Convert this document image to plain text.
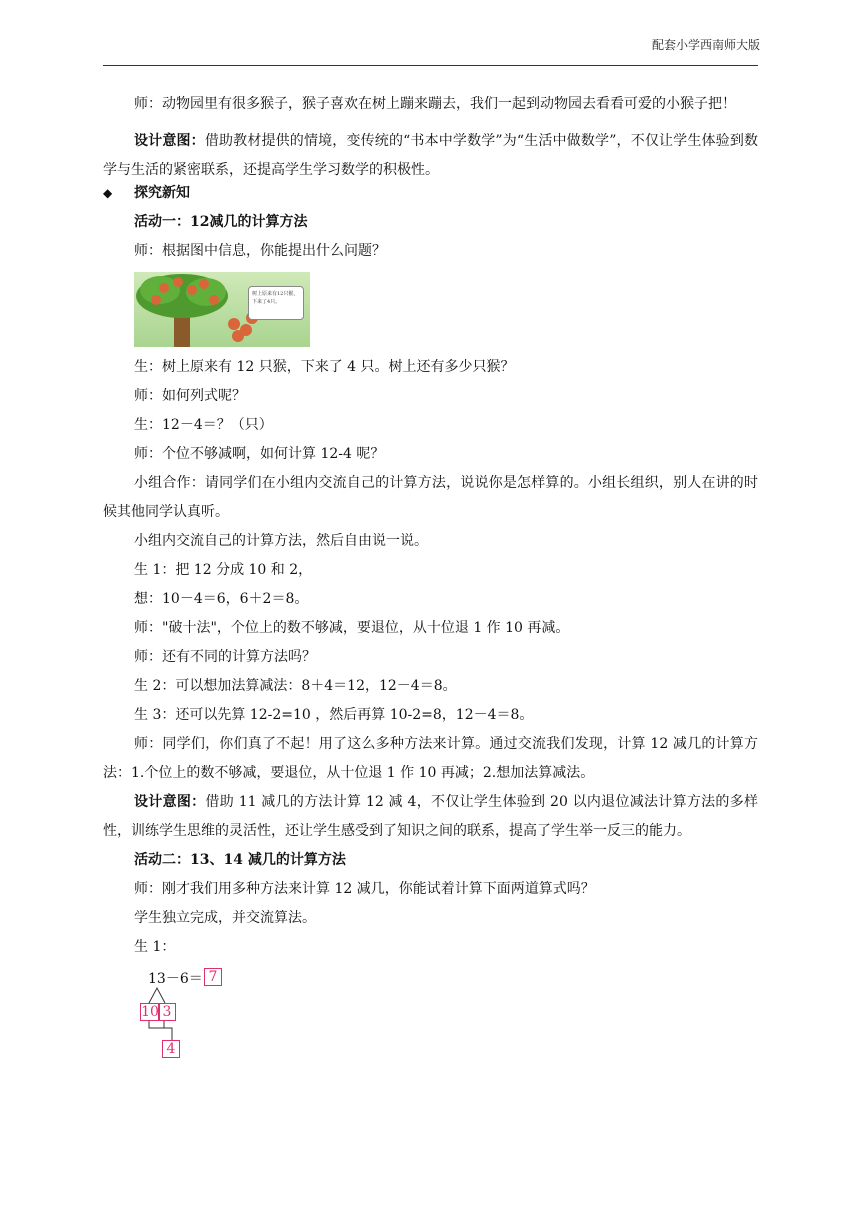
配套小学西南师大版

师：动物园里有很多猴子，猴子喜欢在树上蹦来蹦去，我们一起到动物园去看看可爱的小猴子把！

设计意图：借助教材提供的情境，变传统的“书本中学数学”为“生活中做数学”，不仅让学生体验到数学与生活的紧密联系，还提高学生学习数学的积极性。

◆	探究新知

活动一：12减几的计算方法

师：根据图中信息，你能提出什么问题？

树上原来有12只猴，下来了4只。

生：树上原来有 12 只猴，下来了 4 只。树上还有多少只猴？

师：如何列式呢？

生：12－4＝？（只）

师：个位不够减啊，如何计算 12-4 呢？

小组合作：请同学们在小组内交流自己的计算方法，说说你是怎样算的。小组长组织，别人在讲的时候其他同学认真听。

小组内交流自己的计算方法，然后自由说一说。

生 1：把 12 分成 10 和 2，

想：10－4＝6，6＋2＝8。

师："破十法"，个位上的数不够减，要退位，从十位退 1 作 10 再减。

师：还有不同的计算方法吗？

生 2：可以想加法算减法：8＋4＝12，12－4＝8。

生 3：还可以先算 12-2=10 ，然后再算 10-2=8，12－4＝8。

师：同学们，你们真了不起！用了这么多种方法来计算。通过交流我们发现，计算 12 减几的计算方法：1.个位上的数不够减，要退位，从十位退 1 作 10 再减；2.想加法算减法。

设计意图：借助 11 减几的方法计算 12 减 4，不仅让学生体验到 20 以内退位减法计算方法的多样性，训练学生思维的灵活性，还让学生感受到了知识之间的联系，提高了学生举一反三的能力。

活动二：13、14 减几的计算方法

师：刚才我们用多种方法来计算 12 减几，你能试着计算下面两道算式吗？

学生独立完成，并交流算法。

生 1：

13－6＝ 7
10 3
4
